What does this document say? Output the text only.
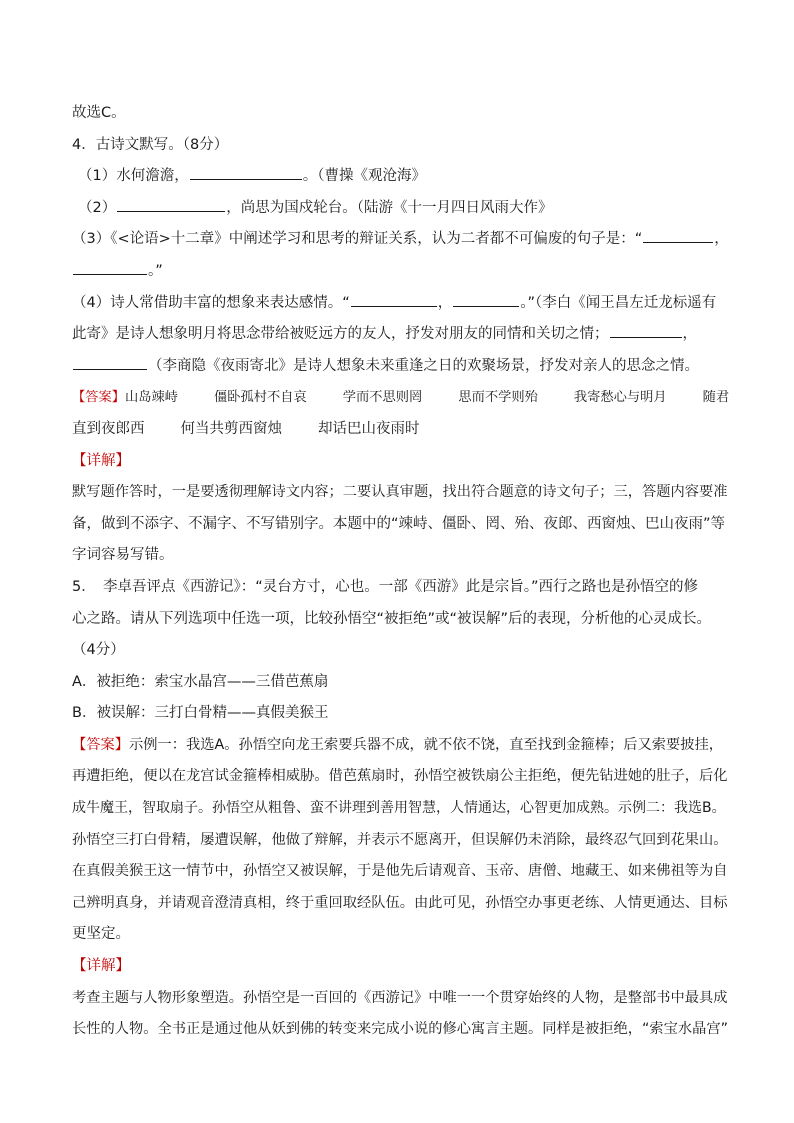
故选C。
4．古诗文默写。（8分）
（1）水何澹澹，	。（曹操《观沧海》
（2）	，尚思为国戍轮台。（陆游《十一月四日风雨大作》
（3）《<论语>十二章》中阐述学习和思考的辩证关系，认为二者都不可偏废的句子是：“	，
。”
（4）诗人常借助丰富的想象来表达感情。“	，	。”（李白《闻王昌左迁龙标遥有
此寄》是诗人想象明月将思念带给被贬远方的友人，抒发对朋友的同情和关切之情；	，
（李商隐《夜雨寄北》是诗人想象未来重逢之日的欢聚场景，抒发对亲人的思念之情。
【答案】山岛竦峙	僵卧孤村不自哀	学而不思则罔	思而不学则殆	我寄愁心与明月	随君
直到夜郎西 何当共剪西窗烛 却话巴山夜雨时
【详解】
默写题作答时，一是要透彻理解诗文内容；二要认真审题，找出符合题意的诗文句子；三，答题内容要准
备，做到不添字、不漏字、不写错别字。本题中的“竦峙、僵卧、罔、殆、夜郎、西窗烛、巴山夜雨”等
字词容易写错。
5．　李卓吾评点《西游记》：“灵台方寸，心也。一部《西游》此是宗旨。”西行之路也是孙悟空的修
心之路。请从下列选项中任选一项，比较孙悟空“被拒绝”或“被误解”后的表现，分析他的心灵成长。
（4分）
A．被拒绝：索宝水晶宫——三借芭蕉扇
B．被误解：三打白骨精——真假美猴王
【答案】示例一：我选A。孙悟空向龙王索要兵器不成，就不依不饶，直至找到金箍棒；后又索要披挂，
再遭拒绝，便以在龙宫试金箍棒相威胁。借芭蕉扇时，孙悟空被铁扇公主拒绝，便先钻进她的肚子，后化
成牛魔王，智取扇子。孙悟空从粗鲁、蛮不讲理到善用智慧，人情通达，心智更加成熟。示例二：我选B。
孙悟空三打白骨精，屡遭误解，他做了辩解，并表示不愿离开，但误解仍未消除，最终忍气回到花果山。
在真假美猴王这一情节中，孙悟空又被误解，于是他先后请观音、玉帝、唐僧、地藏王、如来佛祖等为自
己辨明真身，并请观音澄清真相，终于重回取经队伍。由此可见，孙悟空办事更老练、人情更通达、目标
更坚定。
【详解】
考查主题与人物形象塑造。孙悟空是一百回的《西游记》中唯一一个贯穿始终的人物，是整部书中最具成
长性的人物。全书正是通过他从妖到佛的转变来完成小说的修心寓言主题。同样是被拒绝，“索宝水晶宫”
